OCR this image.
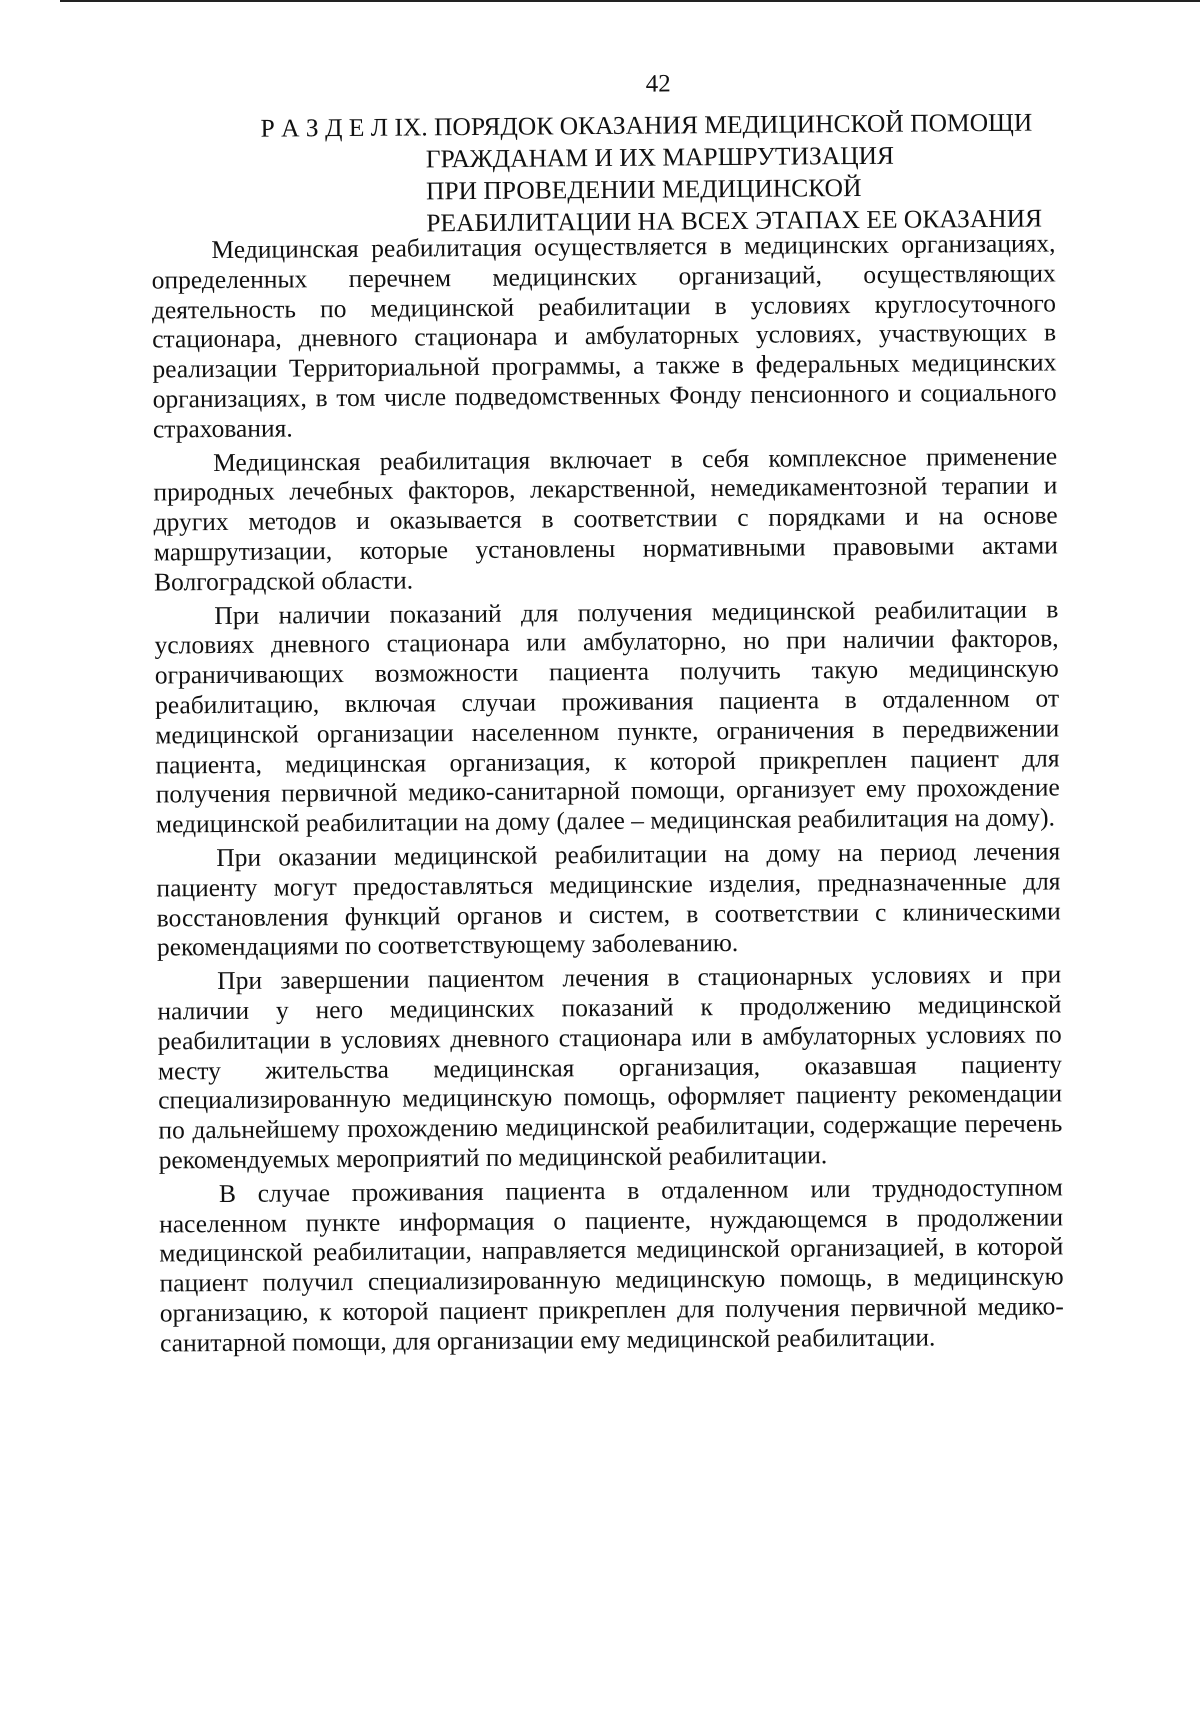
42
Р А З Д Е Л IX. ПОРЯДОК ОКАЗАНИЯ МЕДИЦИНСКОЙ ПОМОЩИ
ГРАЖДАНАМ И ИХ МАРШРУТИЗАЦИЯ
ПРИ ПРОВЕДЕНИИ МЕДИЦИНСКОЙ
РЕАБИЛИТАЦИИ НА ВСЕХ ЭТАПАХ ЕЕ ОКАЗАНИЯ

Медицинская реабилитация осуществляется в медицинских организациях, определенных перечнем медицинских организаций, осуществляющих деятельность по медицинской реабилитации в условиях круглосуточного стационара, дневного стационара и амбулаторных условиях, участвующих в реализации Территориальной программы, а также в федеральных медицинских организациях, в том числе подведомственных Фонду пенсионного и социального страхования.

Медицинская реабилитация включает в себя комплексное применение природных лечебных факторов, лекарственной, немедикаментозной терапии и других методов и оказывается в соответствии с порядками и на основе маршрутизации, которые установлены нормативными правовыми актами Волгоградской области.

При наличии показаний для получения медицинской реабилитации в условиях дневного стационара или амбулаторно, но при наличии факторов, ограничивающих возможности пациента получить такую медицинскую реабилитацию, включая случаи проживания пациента в отдаленном от медицинской организации населенном пункте, ограничения в передвижении пациента, медицинская организация, к которой прикреплен пациент для получения первичной медико-санитарной помощи, организует ему прохождение медицинской реабилитации на дому (далее – медицинская реабилитация на дому).

При оказании медицинской реабилитации на дому на период лечения пациенту могут предоставляться медицинские изделия, предназначенные для восстановления функций органов и систем, в соответствии с клиническими рекомендациями по соответствующему заболеванию.

При завершении пациентом лечения в стационарных условиях и при наличии у него медицинских показаний к продолжению медицинской реабилитации в условиях дневного стационара или в амбулаторных условиях по месту жительства медицинская организация, оказавшая пациенту специализированную медицинскую помощь, оформляет пациенту рекомендации по дальнейшему прохождению медицинской реабилитации, содержащие перечень рекомендуемых мероприятий по медицинской реабилитации.

В случае проживания пациента в отдаленном или труднодоступном населенном пункте информация о пациенте, нуждающемся в продолжении медицинской реабилитации, направляется медицинской организацией, в которой пациент получил специализированную медицинскую помощь, в медицинскую организацию, к которой пациент прикреплен для получения первичной медико-санитарной помощи, для организации ему медицинской реабилитации.
